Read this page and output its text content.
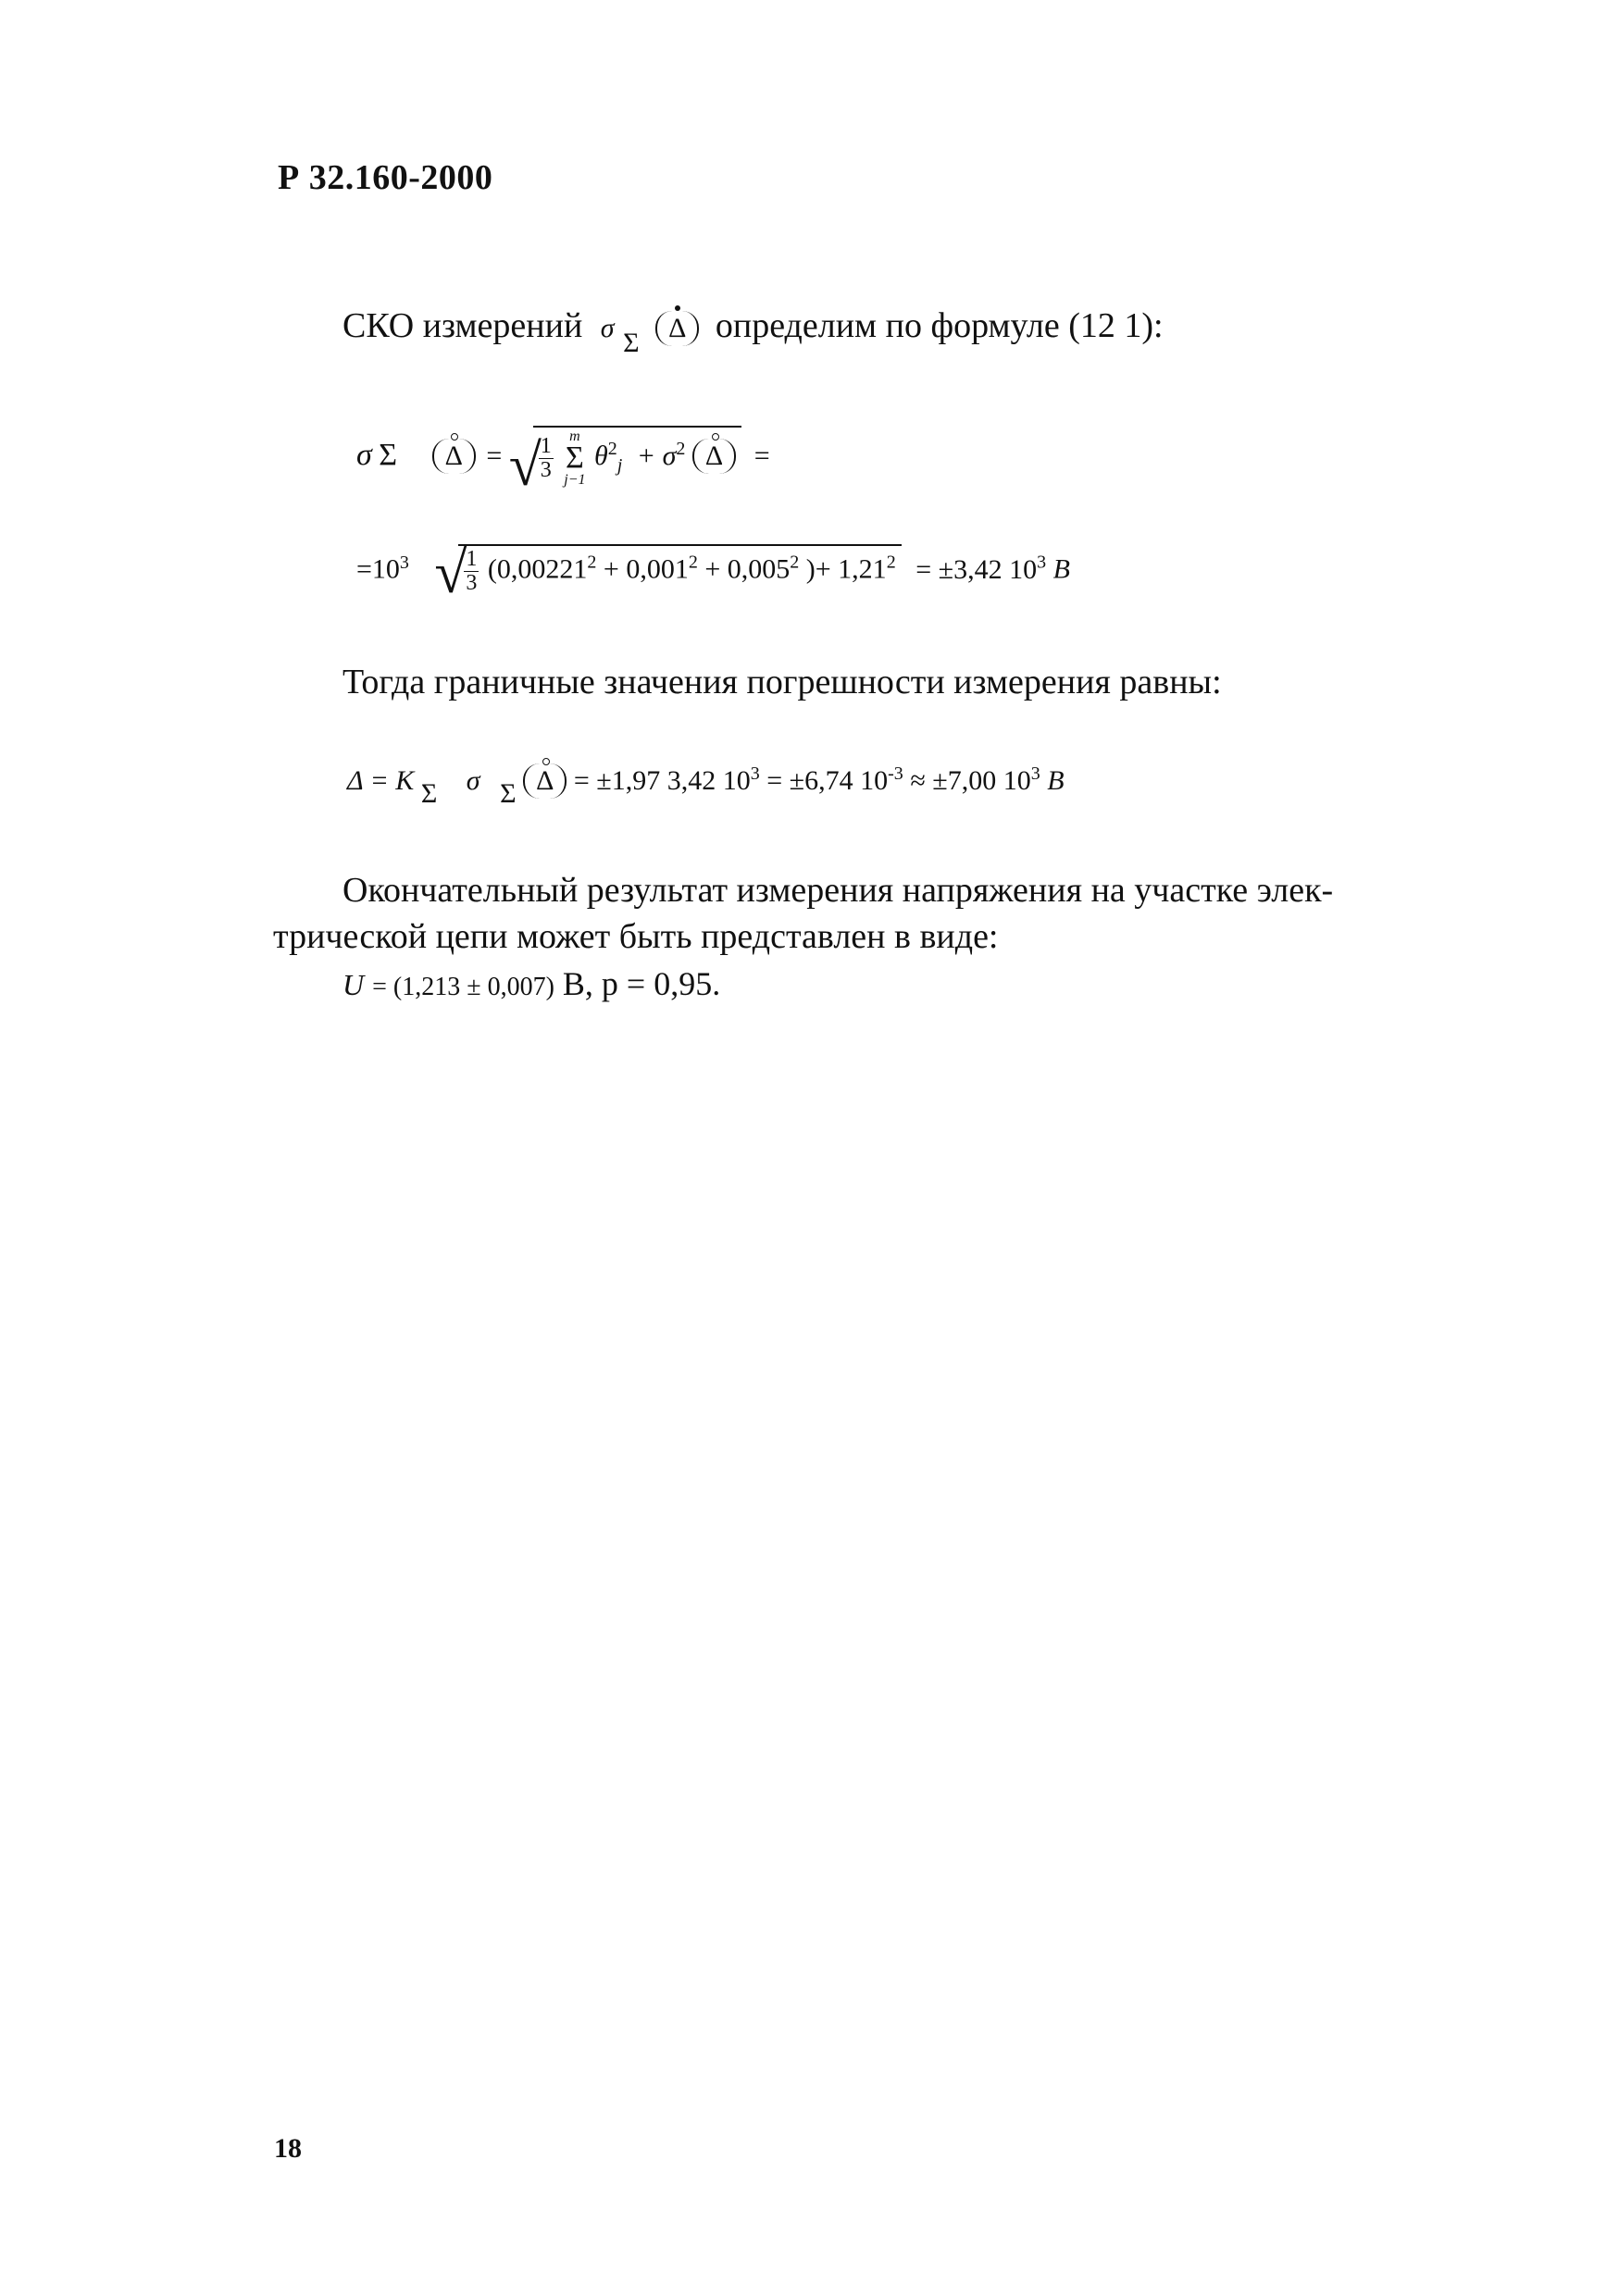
Р 32.160-2000
СКО измерений σ $_\Sigma$ Δ определим по формуле (12 1):
σ Σ Δ = √ $\frac{1}{3}$ m
Σ
j−1 $\theta^2_j + \sigma^2$ Δ =
$=10^3$ √ $\frac{1}{3} (0,00221^2 + 0,001^2 + 0,005^2$ )+ $1,21^2 = \pm 3,42$ $10^3$ B
Тогда граничные значения погрешности измерения равны:
Δ = K Σ σ Σ Δ = ±1,97 3,42 $10^3 = \pm 6,74$ $10^{-3} \approx \pm 7,00$ $10^3$ B
Окончательный результат измерения напряжения на участке элек-
трической цепи может быть представлен в виде:
U = (1,213 ± 0,007) В, р = 0,95.
18
